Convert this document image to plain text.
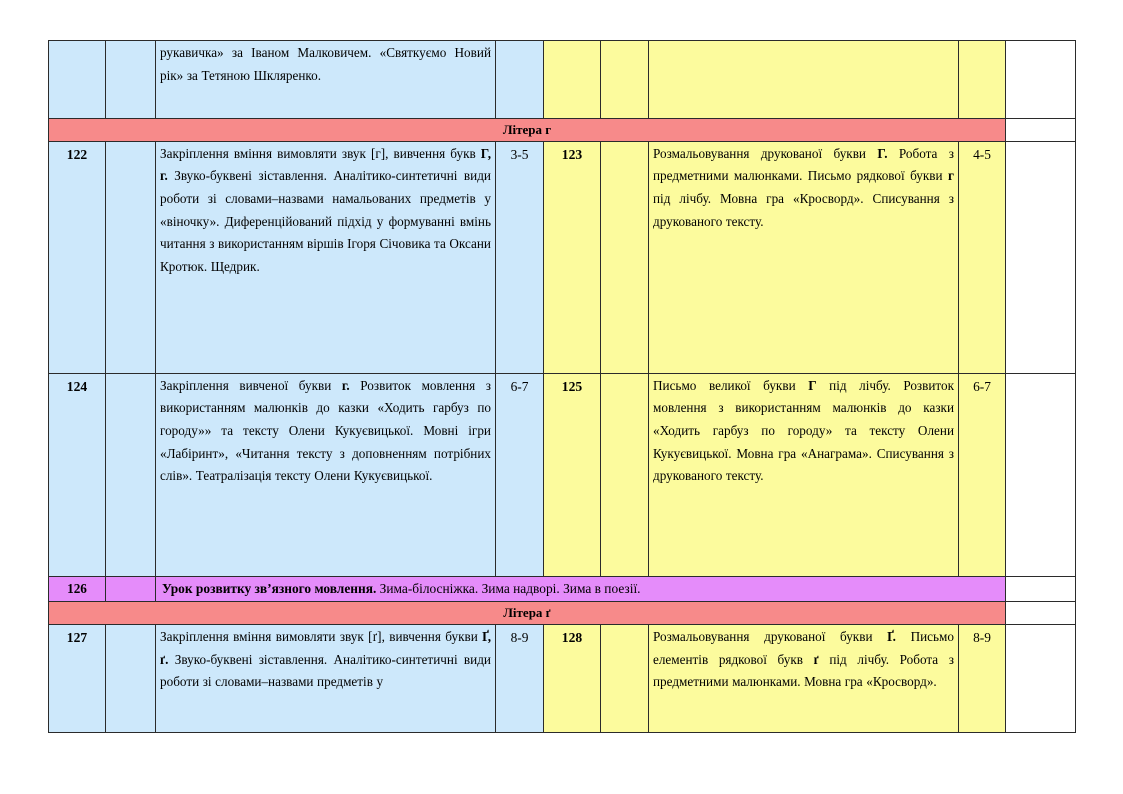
		рукавичка» за Іваном Малковичем. «Святкуємо Новий рік» за Тетяною Шкляренко.						
Літера г								
122		Закріплення вміння вимовляти звук [г], вивчення букв Г, г. Звуко-буквені зіставлення. Аналітико-синтетичні види роботи зі словами–назвами намальованих предметів у «віночку». Диференційований підхід у формуванні вмінь читання з використанням віршів Ігоря Січовика та Оксани Кротюк. Щедрик.	3-5	123		Розмальовування друкованої букви Г. Робота з предметними малюнками. Письмо рядкової букви г під лічбу. Мовна гра «Кросворд». Списування з друкованого тексту.	4-5	
124		Закріплення вивченої букви г. Розвиток мовлення з використанням малюнків до казки «Ходить гарбуз по городу»» та тексту Олени Кукуєвицької. Мовні ігри «Лабіринт», «Читання тексту з доповненням потрібних слів». Театралізація тексту Олени Кукуєвицької.	6-7	125		Письмо великої букви Г під лічбу. Розвиток мовлення з використанням малюнків до казки «Ходить гарбуз по городу» та тексту Олени Кукуєвицької. Мовна гра «Анаграма». Списування з друкованого тексту.	6-7	
126		Урок розвитку зв’язного мовлення. Зима-білосніжка. Зима надворі. Зима в поезії.						
Літера ґ								
127		Закріплення вміння вимовляти звук [ґ], вивчення букви Ґ, ґ. Звуко-буквені зіставлення. Аналітико-синтетичні види роботи зі словами–назвами предметів у	8-9	128		Розмальовування друкованої букви Ґ. Письмо елементів рядкової букв ґ під лічбу. Робота з предметними малюнками. Мовна гра «Кросворд».	8-9	
